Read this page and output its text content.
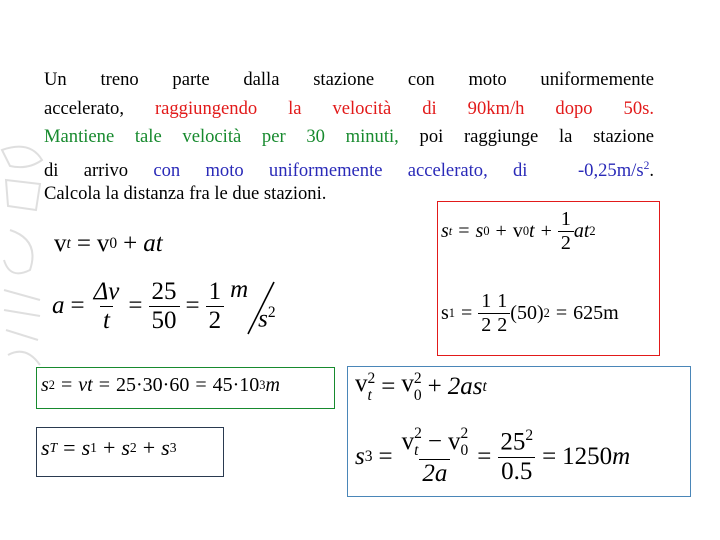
Un treno parte dalla stazione con moto uniformemente
accelerato, raggiungendo la velocità di 90km/h dopo 50s.
Mantiene tale velocità per 30 minuti, poi raggiunge la stazione
di arrivo con moto uniformemente accelerato, di	$-0,25m/s^2$.
Calcola la distanza fra le due stazioni.
v t = v 0 + at
$a = \frac{\Delta v}{t} = \frac{25}{50} = \frac{1}{2}$ m
$s^2$
s t = s 0 + v 0 $t + \frac{1}{2}$ at 2
s $1 = \frac{1}{2} \frac{1}{2} (50) 2 = 625m$
s 2 = vt = 25·30·60 = 45·10 3 m
s T = s 1 + s 2 + s 3
v 2
t = v 2
0 + 2as t
s 3 = v 2
t − v 2
0
$2a = \frac{25^2}{0.5} = 1250$ m
